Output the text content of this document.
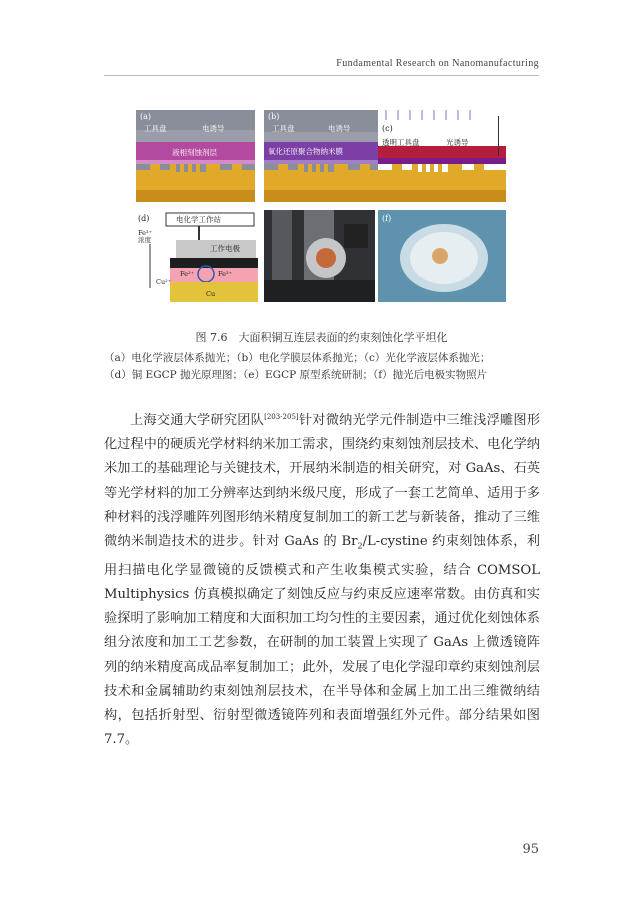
Fundamental Research on Nanomanufacturing
(a)
工具盘	电诱导
液相刻蚀剂层
(b)
工具盘	电诱导
氧化还原聚合物纳米膜
(c)
透明工具盘	光诱导
(d)	电化学工作站
工作电极
Fe³⁺
浓度
Fe²⁺	Fe³⁺
Cu²⁺
Cu
(f)
图 7.6　大面积铜互连层表面的约束刻蚀化学平坦化
（a）电化学液层体系抛光；（b）电化学膜层体系抛光；（c）光化学液层体系抛光；
（d）铜 EGCP 抛光原理图；（e）EGCP 原型系统研制；（f）抛光后电极实物照片
上海交通大学研究团队[203-205]针对微纳光学元件制造中三维浅浮雕图形化过程中的硬质光学材料纳米加工需求，围绕约束刻蚀剂层技术、电化学纳米加工的基础理论与关键技术，开展纳米制造的相关研究，对 GaAs、石英等光学材料的加工分辨率达到纳米级尺度，形成了一套工艺简单、适用于多种材料的浅浮雕阵列图形纳米精度复制加工的新工艺与新装备，推动了三维微纳米制造技术的进步。针对 GaAs 的 $Br_2/L$-cystine 约束刻蚀体系，利用扫描电化学显微镜的反馈模式和产生收集模式实验，结合 COMSOL Multiphysics 仿真模拟确定了刻蚀反应与约束反应速率常数。由仿真和实验探明了影响加工精度和大面积加工均匀性的主要因素，通过优化刻蚀体系组分浓度和加工工艺参数，在研制的加工装置上实现了 GaAs 上微透镜阵列的纳米精度高成品率复制加工；此外，发展了电化学湿印章约束刻蚀剂层技术和金属辅助约束刻蚀剂层技术，在半导体和金属上加工出三维微纳结构，包括折射型、衍射型微透镜阵列和表面增强红外元件。部分结果如图 7.7。
95
